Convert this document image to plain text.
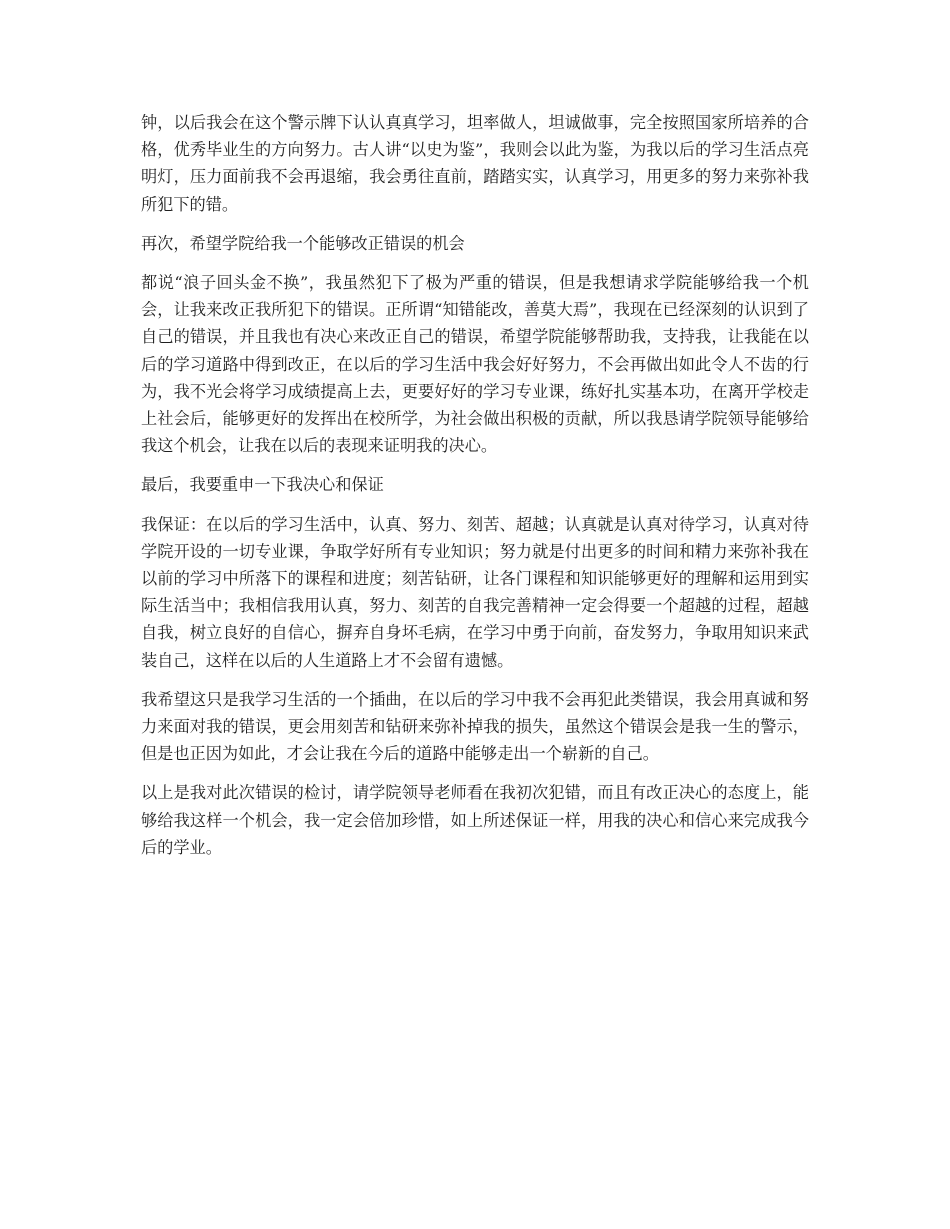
钟，以后我会在这个警示牌下认认真真学习，坦率做人，坦诚做事，完全按照国家所培养的合格，优秀毕业生的方向努力。古人讲“以史为鉴”，我则会以此为鉴，为我以后的学习生活点亮明灯，压力面前我不会再退缩，我会勇往直前，踏踏实实，认真学习，用更多的努力来弥补我所犯下的错。

再次，希望学院给我一个能够改正错误的机会

都说“浪子回头金不换”，我虽然犯下了极为严重的错误，但是我想请求学院能够给我一个机会，让我来改正我所犯下的错误。正所谓“知错能改，善莫大焉”，我现在已经深刻的认识到了自己的错误，并且我也有决心来改正自己的错误，希望学院能够帮助我，支持我，让我能在以后的学习道路中得到改正，在以后的学习生活中我会好好努力，不会再做出如此令人不齿的行为，我不光会将学习成绩提高上去，更要好好的学习专业课，练好扎实基本功，在离开学校走上社会后，能够更好的发挥出在校所学，为社会做出积极的贡献，所以我恳请学院领导能够给我这个机会，让我在以后的表现来证明我的决心。

最后，我要重申一下我决心和保证

我保证：在以后的学习生活中，认真、努力、刻苦、超越；认真就是认真对待学习，认真对待学院开设的一切专业课，争取学好所有专业知识；努力就是付出更多的时间和精力来弥补我在以前的学习中所落下的课程和进度；刻苦钻研，让各门课程和知识能够更好的理解和运用到实际生活当中；我相信我用认真，努力、刻苦的自我完善精神一定会得要一个超越的过程，超越自我，树立良好的自信心，摒弃自身坏毛病，在学习中勇于向前，奋发努力，争取用知识来武装自己，这样在以后的人生道路上才不会留有遗憾。

我希望这只是我学习生活的一个插曲，在以后的学习中我不会再犯此类错误，我会用真诚和努力来面对我的错误，更会用刻苦和钻研来弥补掉我的损失，虽然这个错误会是我一生的警示，但是也正因为如此，才会让我在今后的道路中能够走出一个崭新的自己。

以上是我对此次错误的检讨，请学院领导老师看在我初次犯错，而且有改正决心的态度上，能够给我这样一个机会，我一定会倍加珍惜，如上所述保证一样，用我的决心和信心来完成我今后的学业。
